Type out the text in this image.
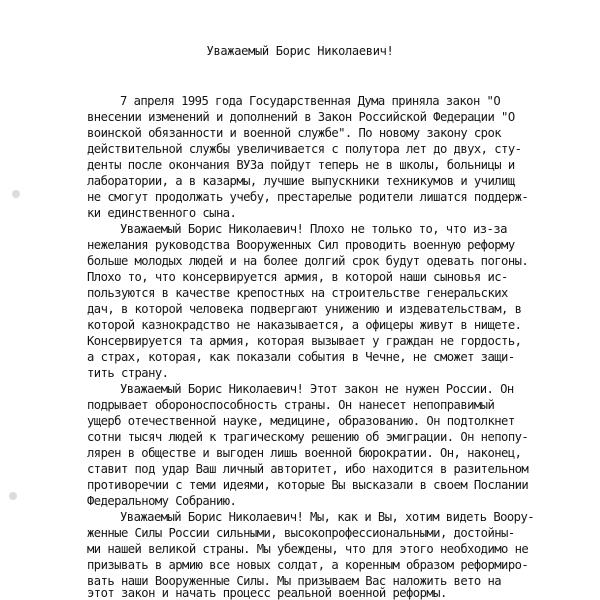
Уважаемый Борис Николаевич!
7 апреля 1995 года Государственная Дума приняла закон "О
внесении изменений и дополнений в Закон Российской Федерации "О
воинской обязанности и военной службе". По новому закону срок
действительной службы увеличивается с полутора лет до двух, сту-
денты после окончания ВУЗа пойдут теперь не в школы, больницы и
лаборатории, а в казармы, лучшие выпускники техникумов и училищ
не смогут продолжать учебу, престарелые родители лишатся поддерж-
ки единственного сына.
Уважаемый Борис Николаевич! Плохо не только то, что из-за
нежелания руководства Вооруженных Сил проводить военную реформу
больше молодых людей и на более долгий срок будут одевать погоны.
Плохо то, что консервируется армия, в которой наши сыновья ис-
пользуются в качестве крепостных на строительстве генеральских
дач, в которой человека подвергают унижению и издевательствам, в
которой казнокрадство не наказывается, а офицеры живут в нищете.
Консервируется та армия, которая вызывает у граждан не гордость,
а страх, которая, как показали события в Чечне, не сможет защи-
тить страну.
Уважаемый Борис Николаевич! Этот закон не нужен России. Он
подрывает обороноспособность страны. Он нанесет непоправимый
ущерб отечественной науке, медицине, образованию. Он подтолкнет
сотни тысяч людей к трагическому решению об эмиграции. Он непопу-
лярен в обществе и выгоден лишь военной бюрократии. Он, наконец,
ставит под удар Ваш личный авторитет, ибо находится в разительном
противоречии с теми идеями, которые Вы высказали в своем Послании
Федеральному Собранию.
Уважаемый Борис Николаевич! Мы, как и Вы, хотим видеть Воору-
женные Силы России сильными, высокопрофессиональными, достойны-
ми нашей великой страны. Мы убеждены, что для этого необходимо не
призывать в армию все новых солдат, а коренным образом реформиро-
вать наши Вооруженные Силы. Мы призываем Вас наложить вето на
этот закон и начать процесс реальной военной реформы.
